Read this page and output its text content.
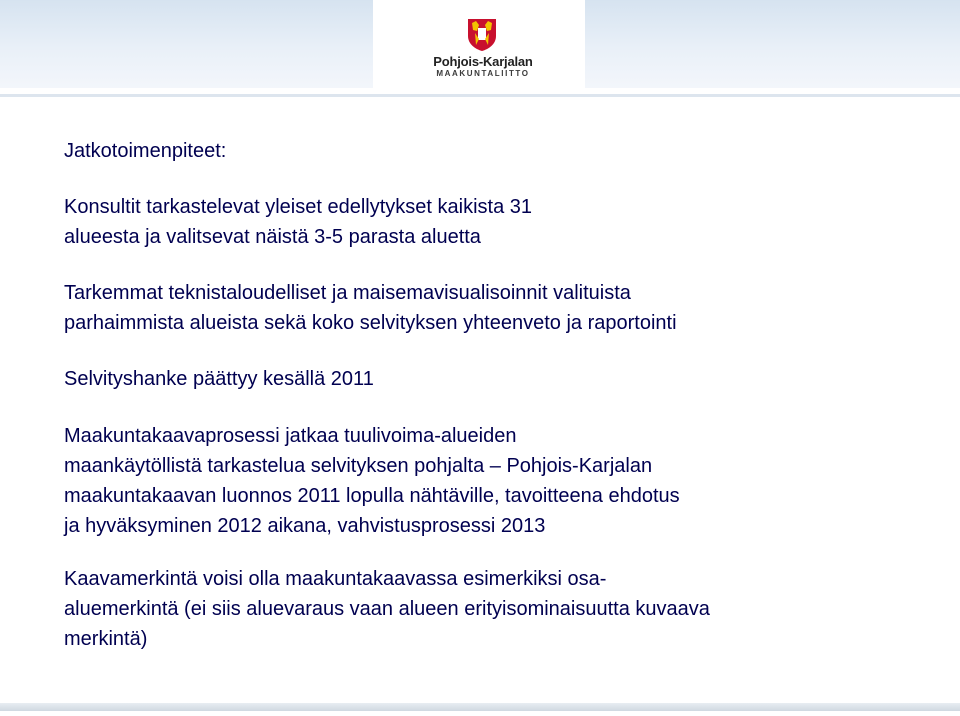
Pohjois-Karjalan
MAAKUNTALIITTO
Jatkotoimenpiteet:

Konsultit tarkastelevat yleiset edellytykset kaikista 31
alueesta ja valitsevat näistä 3-5 parasta aluetta

Tarkemmat teknistaloudelliset ja maisemavisualisoinnit valituista
parhaimmista alueista sekä koko selvityksen yhteenveto ja raportointi

Selvityshanke päättyy kesällä 2011

Maakuntakaavaprosessi jatkaa tuulivoima-alueiden
maankäytöllistä tarkastelua selvityksen pohjalta – Pohjois-Karjalan
maakuntakaavan luonnos 2011 lopulla nähtäville, tavoitteena ehdotus
ja hyväksyminen 2012 aikana, vahvistusprosessi 2013

Kaavamerkintä voisi olla maakuntakaavassa esimerkiksi osa-
aluemerkintä (ei siis aluevaraus vaan alueen erityisominaisuutta kuvaava
merkintä)
